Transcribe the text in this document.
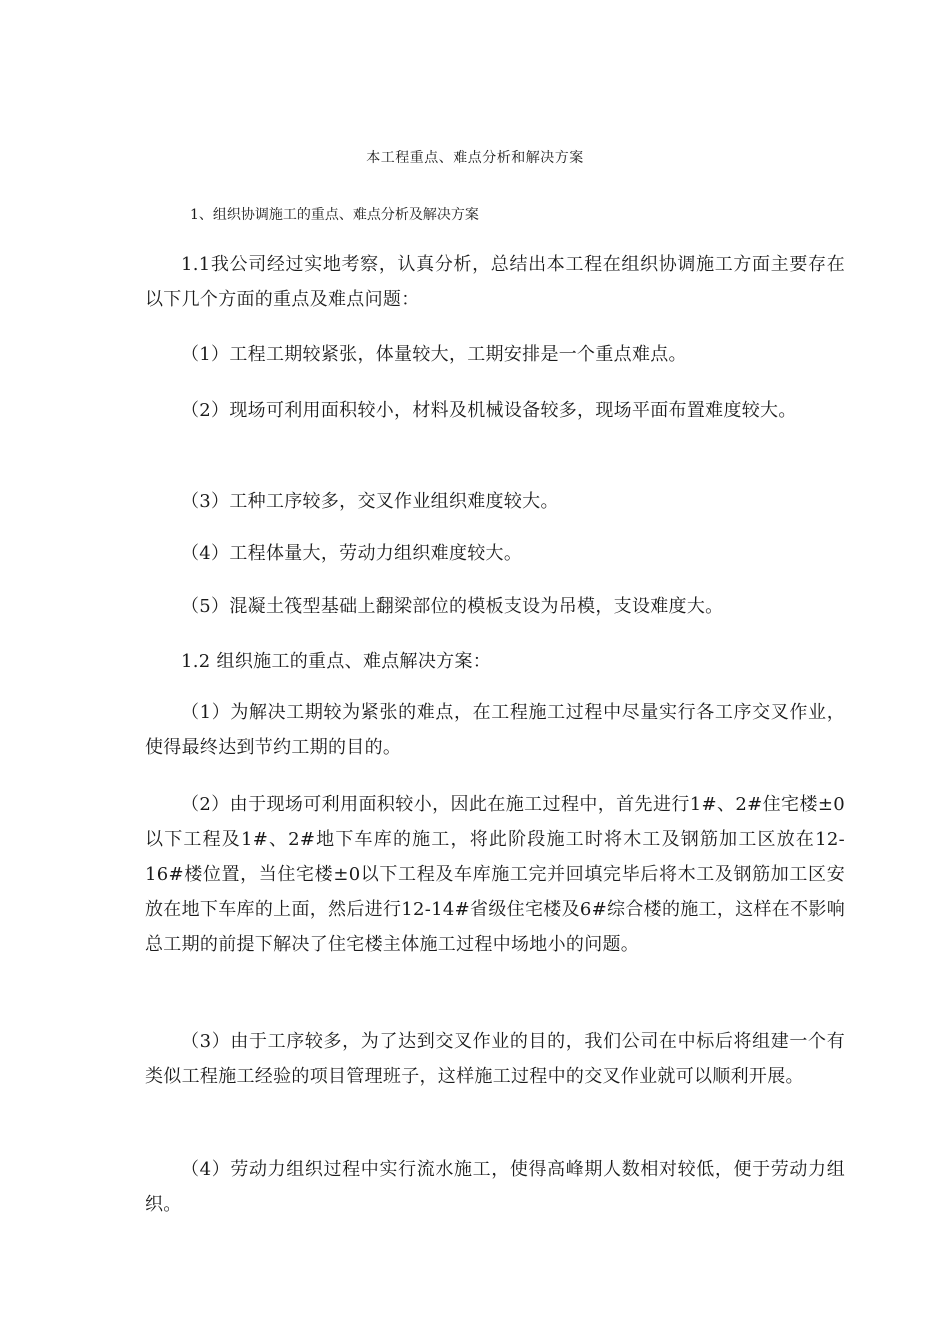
本工程重点、难点分析和解决方案
1、组织协调施工的重点、难点分析及解决方案
1.1我公司经过实地考察，认真分析，总结出本工程在组织协调施工方面主要存在以下几个方面的重点及难点问题：
（1）工程工期较紧张，体量较大，工期安排是一个重点难点。
（2）现场可利用面积较小，材料及机械设备较多，现场平面布置难度较大。
（3）工种工序较多，交叉作业组织难度较大。
（4）工程体量大，劳动力组织难度较大。
（5）混凝土筏型基础上翻梁部位的模板支设为吊模，支设难度大。
1.2 组织施工的重点、难点解决方案：
（1）为解决工期较为紧张的难点，在工程施工过程中尽量实行各工序交叉作业，使得最终达到节约工期的目的。
（2）由于现场可利用面积较小，因此在施工过程中，首先进行1#、2#住宅楼±0以下工程及1#、2#地下车库的施工，将此阶段施工时将木工及钢筋加工区放在12-16#楼位置，当住宅楼±0以下工程及车库施工完并回填完毕后将木工及钢筋加工区安放在地下车库的上面，然后进行12-14#省级住宅楼及6#综合楼的施工，这样在不影响总工期的前提下解决了住宅楼主体施工过程中场地小的问题。
（3）由于工序较多，为了达到交叉作业的目的，我们公司在中标后将组建一个有类似工程施工经验的项目管理班子，这样施工过程中的交叉作业就可以顺利开展。
（4）劳动力组织过程中实行流水施工，使得高峰期人数相对较低，便于劳动力组织。
